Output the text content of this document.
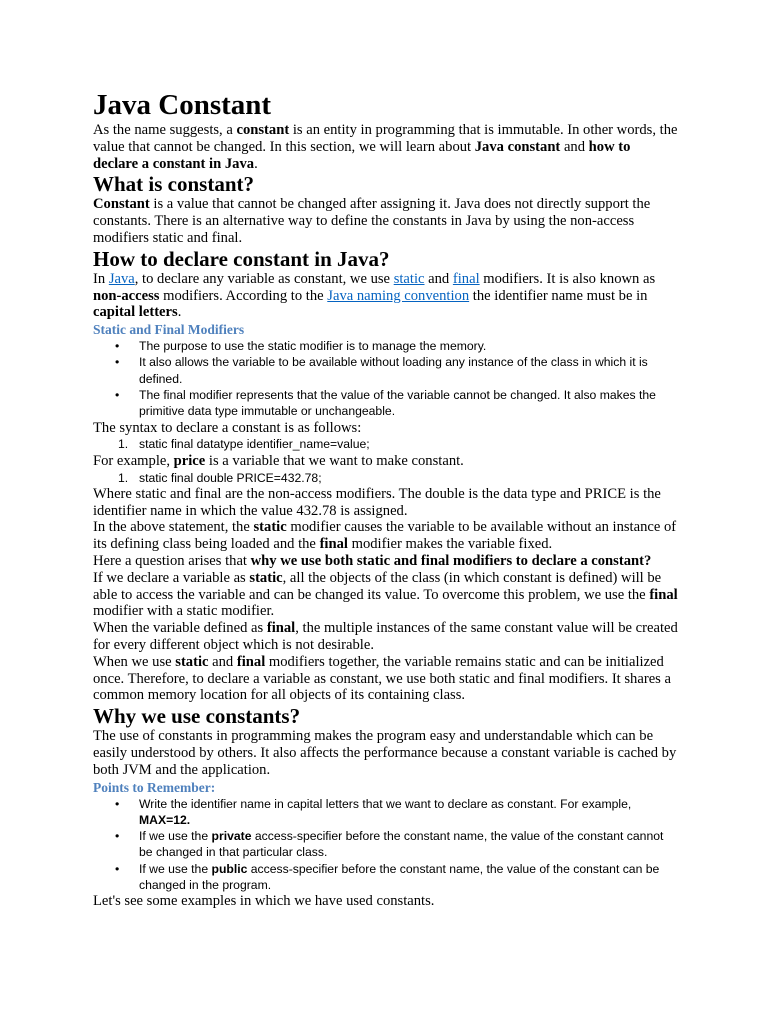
Java Constant

As the name suggests, a constant is an entity in programming that is immutable. In other words, the value that cannot be changed. In this section, we will learn about Java constant and how to declare a constant in Java.

What is constant?

Constant is a value that cannot be changed after assigning it. Java does not directly support the constants. There is an alternative way to define the constants in Java by using the non-access modifiers static and final.

How to declare constant in Java?

In Java, to declare any variable as constant, we use static and final modifiers. It is also known as non-access modifiers. According to the Java naming convention the identifier name must be in capital letters.

Static and Final Modifiers
• The purpose to use the static modifier is to manage the memory.
• It also allows the variable to be available without loading any instance of the class in which it is defined.
• The final modifier represents that the value of the variable cannot be changed. It also makes the primitive data type immutable or unchangeable.

The syntax to declare a constant is as follows:

1. static final datatype identifier_name=value;

For example, price is a variable that we want to make constant.

1. static final double PRICE=432.78;

Where static and final are the non-access modifiers. The double is the data type and PRICE is the identifier name in which the value 432.78 is assigned.

In the above statement, the static modifier causes the variable to be available without an instance of its defining class being loaded and the final modifier makes the variable fixed.

Here a question arises that why we use both static and final modifiers to declare a constant?

If we declare a variable as static, all the objects of the class (in which constant is defined) will be able to access the variable and can be changed its value. To overcome this problem, we use the final modifier with a static modifier.

When the variable defined as final, the multiple instances of the same constant value will be created for every different object which is not desirable.

When we use static and final modifiers together, the variable remains static and can be initialized once. Therefore, to declare a variable as constant, we use both static and final modifiers. It shares a common memory location for all objects of its containing class.

Why we use constants?

The use of constants in programming makes the program easy and understandable which can be easily understood by others. It also affects the performance because a constant variable is cached by both JVM and the application.

Points to Remember:
• Write the identifier name in capital letters that we want to declare as constant. For example, MAX=12.
• If we use the private access-specifier before the constant name, the value of the constant cannot be changed in that particular class.
• If we use the public access-specifier before the constant name, the value of the constant can be changed in the program.

Let's see some examples in which we have used constants.
